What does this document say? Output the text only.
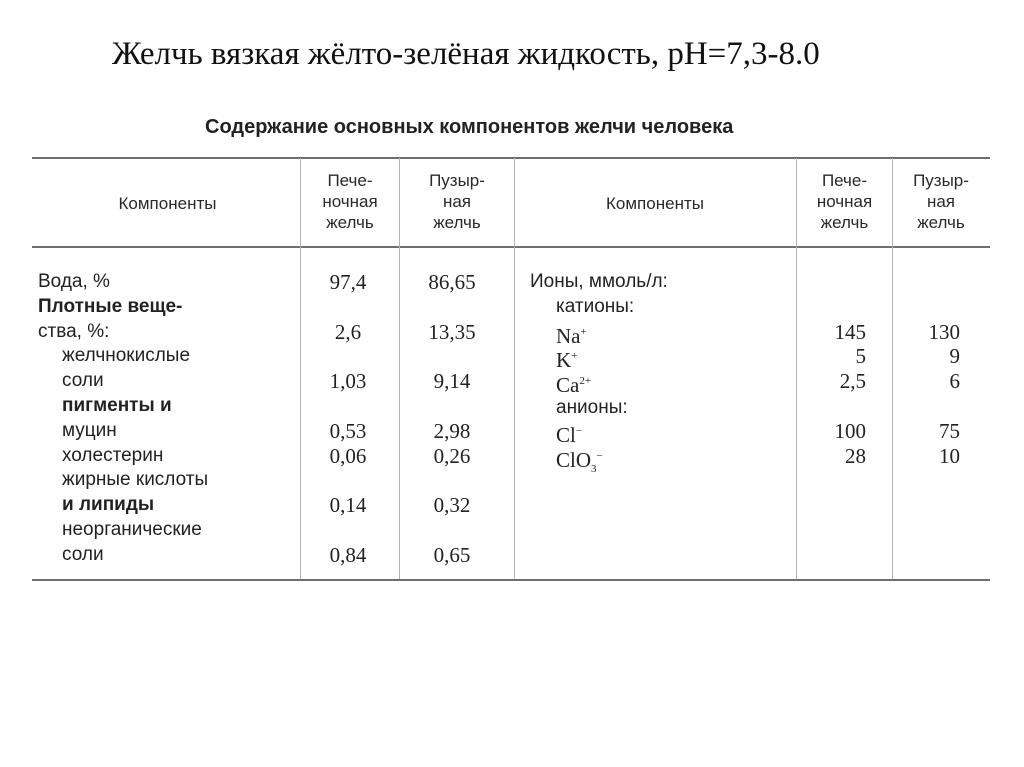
Желчь вязкая жёлто-зелёная жидкость, pH=7,3-8.0
Содержание основных компонентов желчи человека
Компоненты
Пече-
ночная
желчь
Пузыр-
ная
желчь
Компоненты
Пече-
ночная
желчь
Пузыр-
ная
желчь
Вода, %
Плотные веще-
ства, %:
желчнокислые
соли
пигменты и
муцин
холестерин
жирные кислоты
и липиды
неорганические
соли
97,4
2,6
1,03
0,53
0,06
0,14
0,84
86,65
13,35
9,14
2,98
0,26
0,32
0,65
Ионы, ммоль/л:
катионы:
Na+
K+
$Ca^{2+}$
анионы:
Cl−
ClO$_3$−
145
5
2,5
100
28
130
9
6
75
10
